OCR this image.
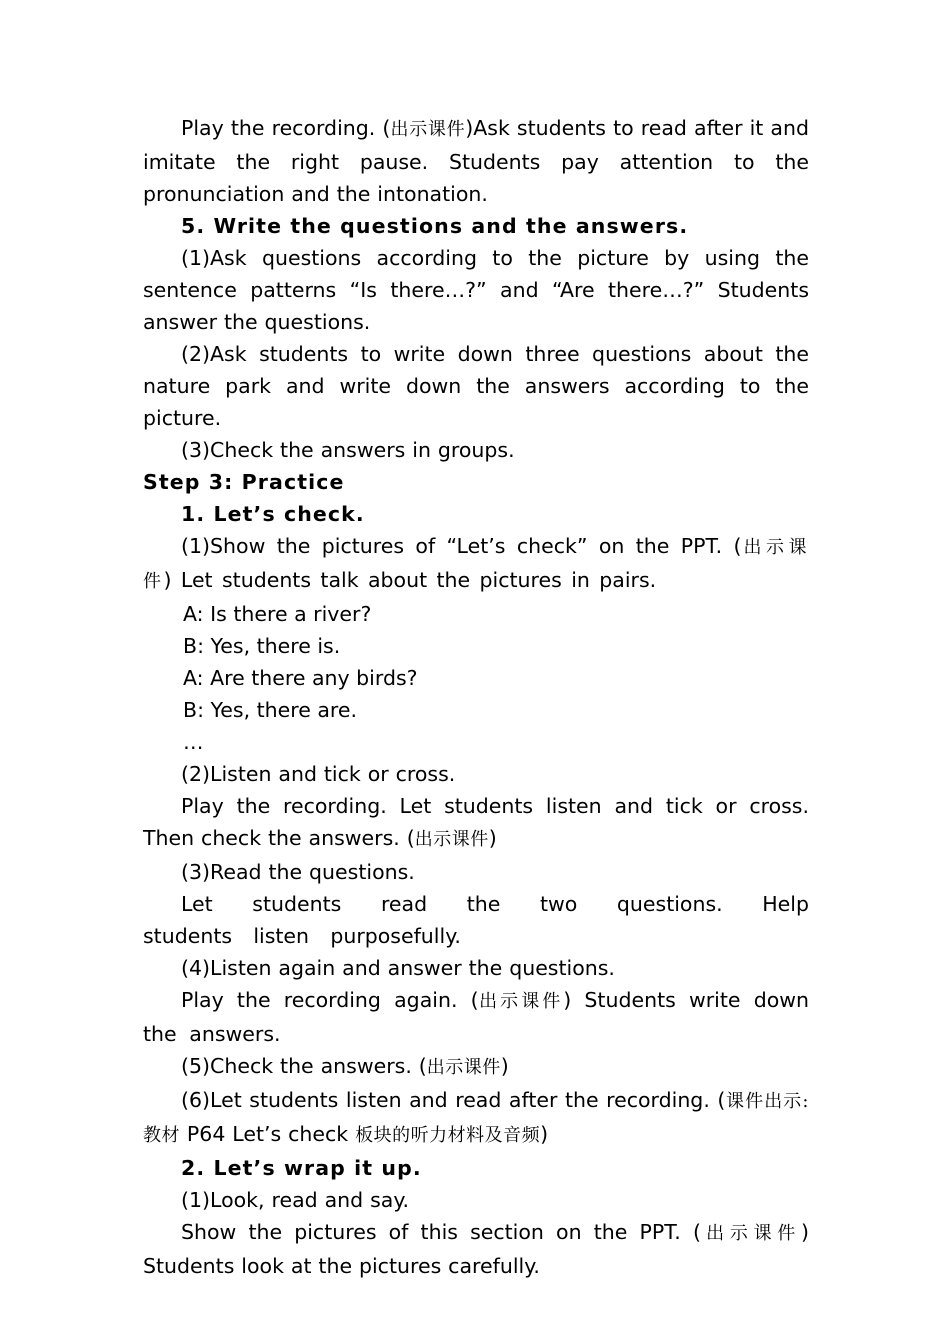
Play the recording. (出示课件)Ask students to read after it and imitate the right pause. Students pay attention to the pronunciation and the intonation.

5. Write the questions and the answers.

(1)Ask questions according to the picture by using the sentence patterns “Is there…?” and “Are there…?” Students answer the questions.

(2)Ask students to write down three questions about the nature park and write down the answers according to the picture.

(3)Check the answers in groups.

Step 3: Practice

1. Let’s check.

(1)Show the pictures of “Let’s check” on the PPT. (出示课件) Let students talk about the pictures in pairs.

A: Is there a river?

B: Yes, there is.

A: Are there any birds?

B: Yes, there are.

…

(2)Listen and tick or cross.

Play the recording. Let students listen and tick or cross. Then check the answers. (出示课件)

(3)Read the questions.

Let students read the two questions. Help students listen purposefully.

(4)Listen again and answer the questions.

Play the recording again. (出示课件) Students write down the answers.

(5)Check the answers. (出示课件)

(6)Let students listen and read after the recording. (课件出示:教材 P64 Let’s check 板块的听力材料及音频)

2. Let’s wrap it up.

(1)Look, read and say.

Show the pictures of this section on the PPT. (出示课件) Students look at the pictures carefully.
